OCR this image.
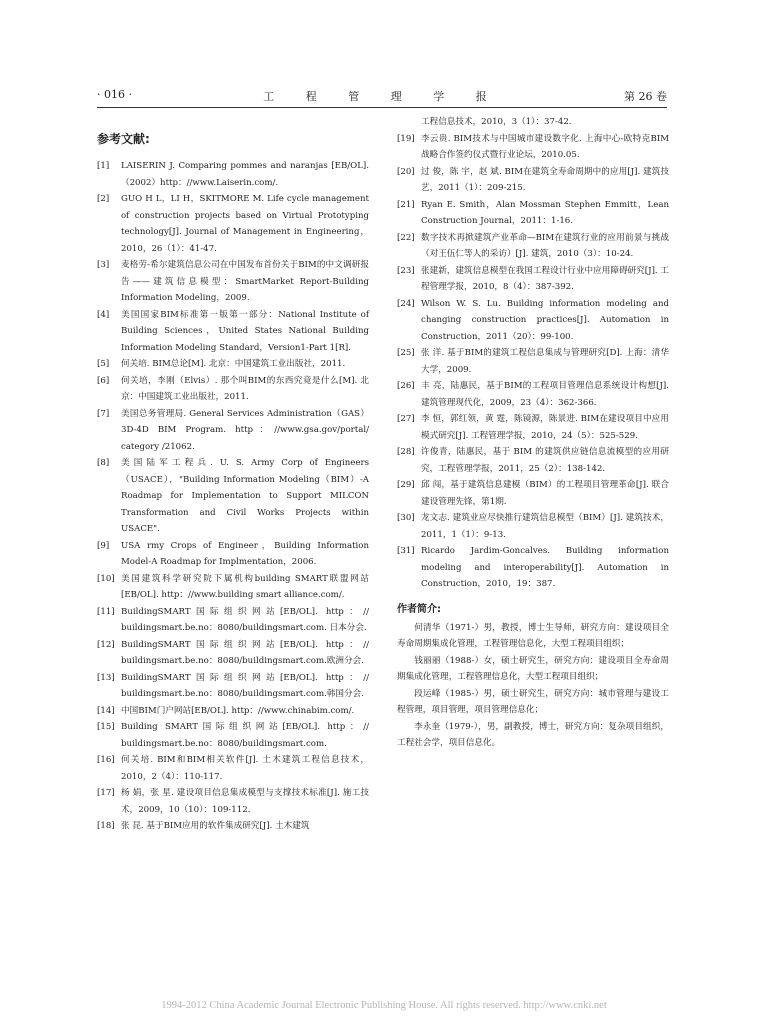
· 016 ·	工 程 管 理 学 报	第 26 卷
参考文献:
[1]	LAISERIN J. Comparing pommes and naranjas [EB/OL]. （2002）http：//www.Laiserin.com/.
[2]	GUO H L，LI H，SKITMORE M. Life cycle management of construction projects based on Virtual Prototyping technology[J]. Journal of Management in Engineering，2010，26（1）：41-47.
[3]	麦格劳-希尔建筑信息公司在中国发布首份关于BIM的中文调研报告——建筑信息模型：SmartMarket Report-Building Information Modeling，2009.
[4]	美国国家BIM标准第一版第一部分：National Institute of Building Sciences，United States National Building Information Modeling Standard，Version1-Part 1[R].
[5]	何关培. BIM总论[M]. 北京：中国建筑工业出版社，2011.
[6]	何关培，李刚（Elvis）. 那个叫BIM的东西究竟是什么[M]. 北京：中国建筑工业出版社，2011.
[7]	美国总务管理局. General Services Administration（GAS）3D-4D BIM Program. http：//www.gsa.gov/portal/ category /21062.
[8]	美国陆军工程兵. U. S. Army Corp of Engineers（USACE），"Building Information Modeling（BIM）-A Roadmap for Implementation to Support MILCON Transformation and Civil Works Projects within USACE".
[9]	USA rmy Crops of Engineer，Building Information Model-A Roadmap for Implmentation，2006.
[10] 美国建筑科学研究院下属机构building SMART联盟网站[EB/OL]. http：//www.building smart alliance.com/.
[11] BuildingSMART国际组织网站[EB/OL]. http：// buildingsmart.be.no：8080/buildingsmart.com. 日本分会.
[12] BuildingSMART国际组织网站[EB/OL]. http：// buildingsmart.be.no：8080/buildingsmart.com.欧洲分会.
[13] BuildingSMART国际组织网站[EB/OL]. http：// buildingsmart.be.no：8080/buildingsmart.com.韩国分会.
[14] 中国BIM门户网站[EB/OL]. http：//www.chinabim.com/.
[15] Building SMART国际组织网站[EB/OL]. http：// buildingsmart.be.no：8080/buildingsmart.com.
[16] 何关培. BIM和BIM相关软件[J]. 土木建筑工程信息技术，2010，2（4）：110-117.
[17] 杨 娟，张 星. 建设项目信息集成模型与支撑技术标准[J]. 施工技术，2009，10（10）：109-112.
[18] 张 昆. 基于BIM应用的软件集成研究[J]. 土木建筑
工程信息技术，2010，3（1）：37-42.
[19] 李云贵. BIM技术与中国城市建设数字化. 上海中心-欧特克BIM战略合作签约仪式暨行业论坛，2010.05.
[20] 过 俊，陈 宇，赵 斌. BIM在建筑全寿命周期中的应用[J]. 建筑技艺，2011（1）：209-215.
[21] Ryan E. Smith，Alan Mossman Stephen Emmitt，Lean Construction Journal，2011：1-16.
[22] 数字技术再掀建筑产业革命—BIM在建筑行业的应用前景与挑战（对王伍仁等人的采访）[J]. 建筑，2010（3）：10-24.
[23] 张建新，建筑信息模型在我国工程设计行业中应用障碍研究[J]. 工程管理学报，2010，8（4）：387-392.
[24] Wilson W. S. Lu. Building information modeling and changing construction practices[J]. Automation in Construction，2011（20）：99-100.
[25] 张 洋. 基于BIM的建筑工程信息集成与管理研究[D]. 上海：清华大学，2009.
[26] 丰 亮，陆惠民，基于BIM的工程项目管理信息系统设计构想[J]. 建筑管理现代化，2009，23（4）：362-366.
[27] 李 恒，郭红领，黄 霆，陈镜源，陈景进. BIM在建设项目中应用模式研究[J]. 工程管理学报，2010，24（5）：525-529.
[28] 许俊青，陆惠民，基于 BIM 的建筑供应链信息流模型的应用研究，工程管理学报，2011，25（2）：138-142.
[29] 邱 闯，基于建筑信息建模（BIM）的工程项目管理革命[J]. 联合建设管理先锋，第1期.
[30] 龙文志. 建筑业应尽快推行建筑信息模型（BIM）[J]. 建筑技术，2011，1（1）：9-13.
[31] Ricardo Jardim-Goncalves. Building information modeling and interoperability[J]. Automation in Construction，2010，19：387.
作者简介:
何清华（1971-）男，教授，博士生导师，研究方向：建设项目全寿命周期集成化管理，工程管理信息化，大型工程项目组织；
钱丽丽（1988-）女，硕士研究生，研究方向：建设项目全寿命周期集成化管理，工程管理信息化，大型工程项目组织；
段运峰（1985-）男，硕士研究生，研究方向：城市管理与建设工程管理，项目管理，项目管理信息化；
李永奎（1979-），男，副教授，博士，研究方向：复杂项目组织，工程社会学，项目信息化。
1994-2012 China Academic Journal Electronic Publishing House. All rights reserved. http://www.cnki.net
